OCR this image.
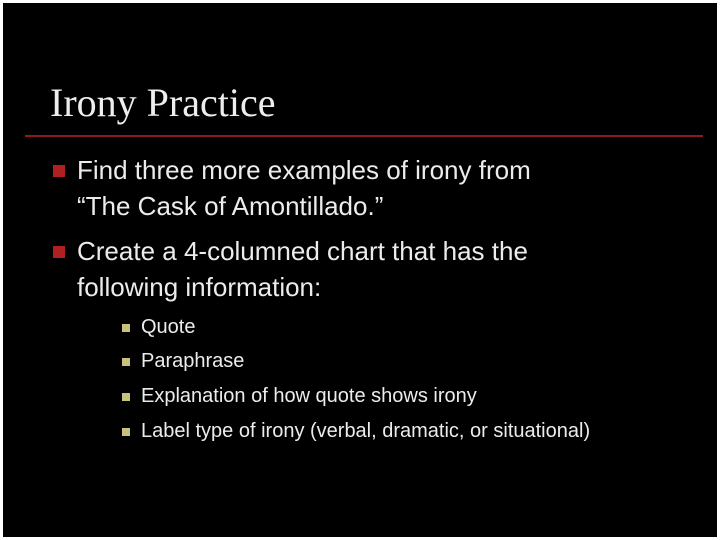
Irony Practice
Find three more examples of irony from
“The Cask of Amontillado.”
Create a 4-columned chart that has the
following information:
Quote
Paraphrase
Explanation of how quote shows irony
Label type of irony (verbal, dramatic, or situational)
